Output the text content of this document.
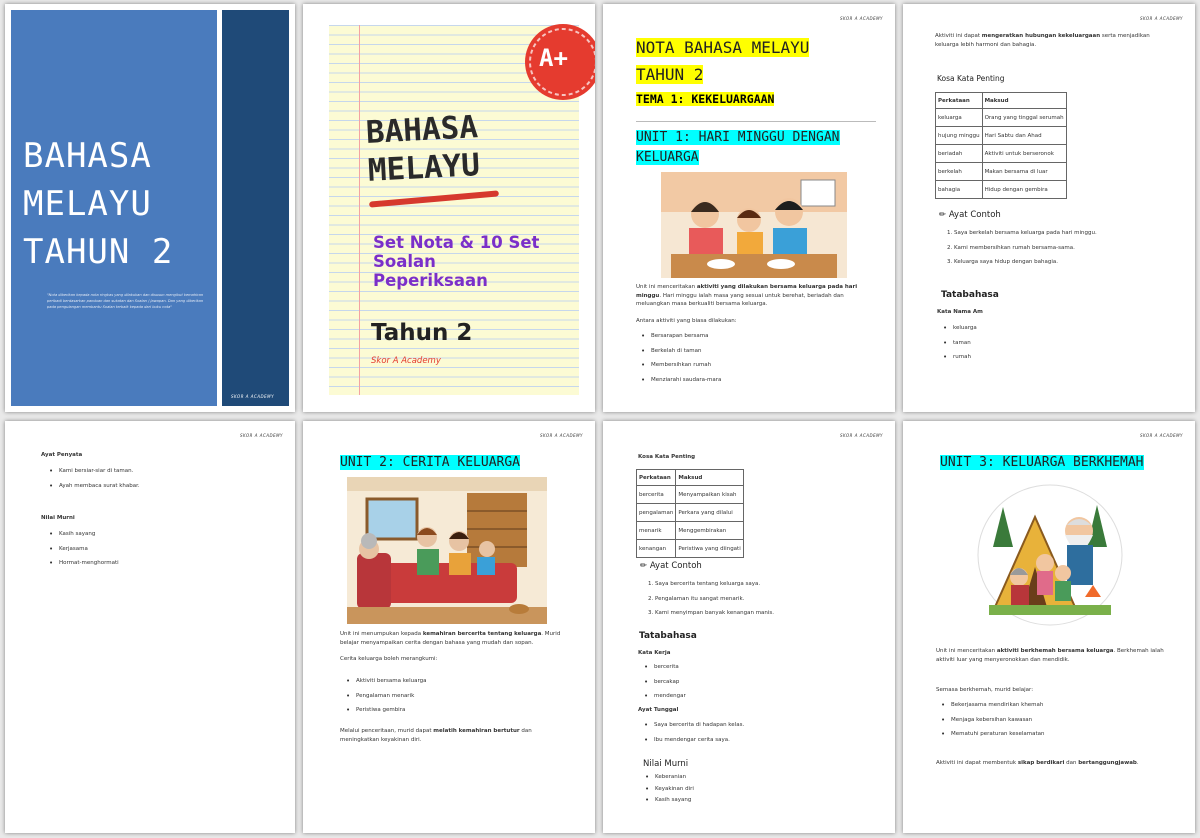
BAHASA
MELAYU
TAHUN 2
"Nota diberikan kepada nota ringkas yang dilakukan dan disusun mengikut kemahiran peribadi berdasarkan panduan dan sukatan dan Soalan / Jawapan. Dan yang diberikan pada pengulangan membantu Soalan terbaik kepada dari buku nota"
SKOR A ACADEMY
A+
BAHASA
MELAYU
Set Nota & 10 Set
Soalan
Peperiksaan
Tahun 2
Skor A Academy
SKOR A ACADEMY
NOTA BAHASA MELAYU
TAHUN 2
TEMA 1: KEKELUARGAAN
UNIT 1: HARI MINGGU DENGAN
KELUARGA
Unit ini menceritakan aktiviti yang dilakukan bersama keluarga pada hari minggu. Hari minggu ialah masa yang sesuai untuk berehat, beriadah dan meluangkan masa berkualiti bersama keluarga.
Antara aktiviti yang biasa dilakukan:
• Bersarapan bersama
• Berkelah di taman
• Membersihkan rumah
• Menziarahi saudara-mara
SKOR A ACADEMY
Aktiviti ini dapat mengeratkan hubungan kekeluargaan serta menjadikan keluarga lebih harmoni dan bahagia.
Kosa Kata Penting
Perkataan	Maksud
keluarga	Orang yang tinggal serumah
hujung minggu	Hari Sabtu dan Ahad
beriadah	Aktiviti untuk berseronok
berkelah	Makan bersama di luar
bahagia	Hidup dengan gembira
✏ Ayat Contoh
1. Saya berkelah bersama keluarga pada hari minggu.
2. Kami membersihkan rumah bersama-sama.
3. Keluarga saya hidup dengan bahagia.
Tatabahasa
Kata Nama Am
• keluarga
• taman
• rumah
SKOR A ACADEMY
Ayat Penyata
• Kami bersiar-siar di taman.
• Ayah membaca surat khabar.
Nilai Murni
• Kasih sayang
• Kerjasama
• Hormat-menghormati
SKOR A ACADEMY
UNIT 2: CERITA KELUARGA
Unit ini menumpukan kepada kemahiran bercerita tentang keluarga. Murid belajar menyampaikan cerita dengan bahasa yang mudah dan sopan.
Cerita keluarga boleh merangkumi:
• Aktiviti bersama keluarga
• Pengalaman menarik
• Peristiwa gembira
Melalui penceritaan, murid dapat melatih kemahiran bertutur dan meningkatkan keyakinan diri.
SKOR A ACADEMY
Kosa Kata Penting
Perkataan	Maksud
bercerita	Menyampaikan kisah
pengalaman	Perkara yang dilalui
menarik	Menggembirakan
kenangan	Peristiwa yang diingati
✏ Ayat Contoh
1. Saya bercerita tentang keluarga saya.
2. Pengalaman itu sangat menarik.
3. Kami menyimpan banyak kenangan manis.
Tatabahasa
Kata Kerja
• bercerita
• bercakap
• mendengar
Ayat Tunggal
• Saya bercerita di hadapan kelas.
• Ibu mendengar cerita saya.
Nilai Murni
• Keberanian
• Keyakinan diri
• Kasih sayang
SKOR A ACADEMY
UNIT 3: KELUARGA BERKHEMAH
Unit ini menceritakan aktiviti berkhemah bersama keluarga. Berkhemah ialah aktiviti luar yang menyeronokkan dan mendidik.
Semasa berkhemah, murid belajar:
• Bekerjasama mendirikan khemah
• Menjaga kebersihan kawasan
• Mematuhi peraturan keselamatan
Aktiviti ini dapat membentuk sikap berdikari dan bertanggungjawab.
